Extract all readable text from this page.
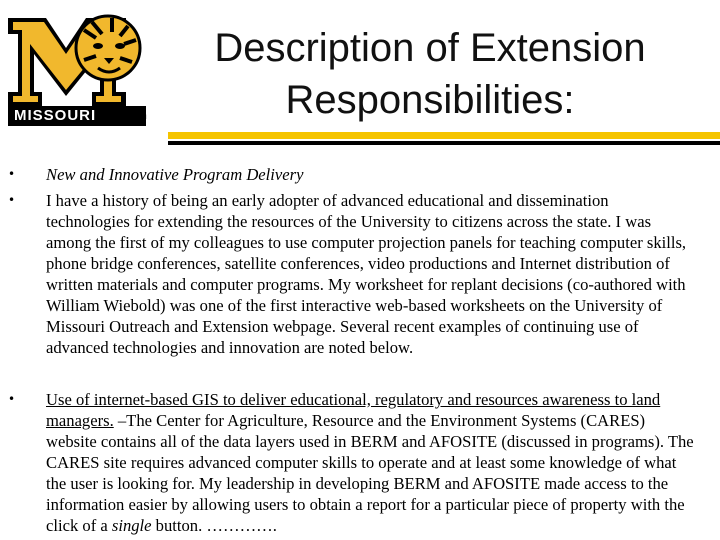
MISSOURI	TM
Description of Extension
Responsibilities:
•	New and Innovative Program Delivery
•	I have a history of being an early adopter of advanced educational and dissemination technologies for extending the resources of the University to citizens across the state. I was among the first of my colleagues to use computer projection panels for teaching computer skills, phone bridge conferences, satellite conferences, video productions and Internet distribution of written materials and computer programs. My worksheet for replant decisions (co-authored with William Wiebold) was one of the first interactive web-based worksheets on the University of Missouri Outreach and Extension webpage. Several recent examples of continuing use of advanced technologies and innovation are noted below.
•	Use of internet-based GIS to deliver educational, regulatory and resources awareness to land managers. –The Center for Agriculture, Resource and the Environment Systems (CARES) website contains all of the data layers used in BERM and AFOSITE (discussed in programs). The CARES site requires advanced computer skills to operate and at least some knowledge of what the user is looking for. My leadership in developing BERM and AFOSITE made access to the information easier by allowing users to obtain a report for a particular piece of property with the click of a single button. ………….
